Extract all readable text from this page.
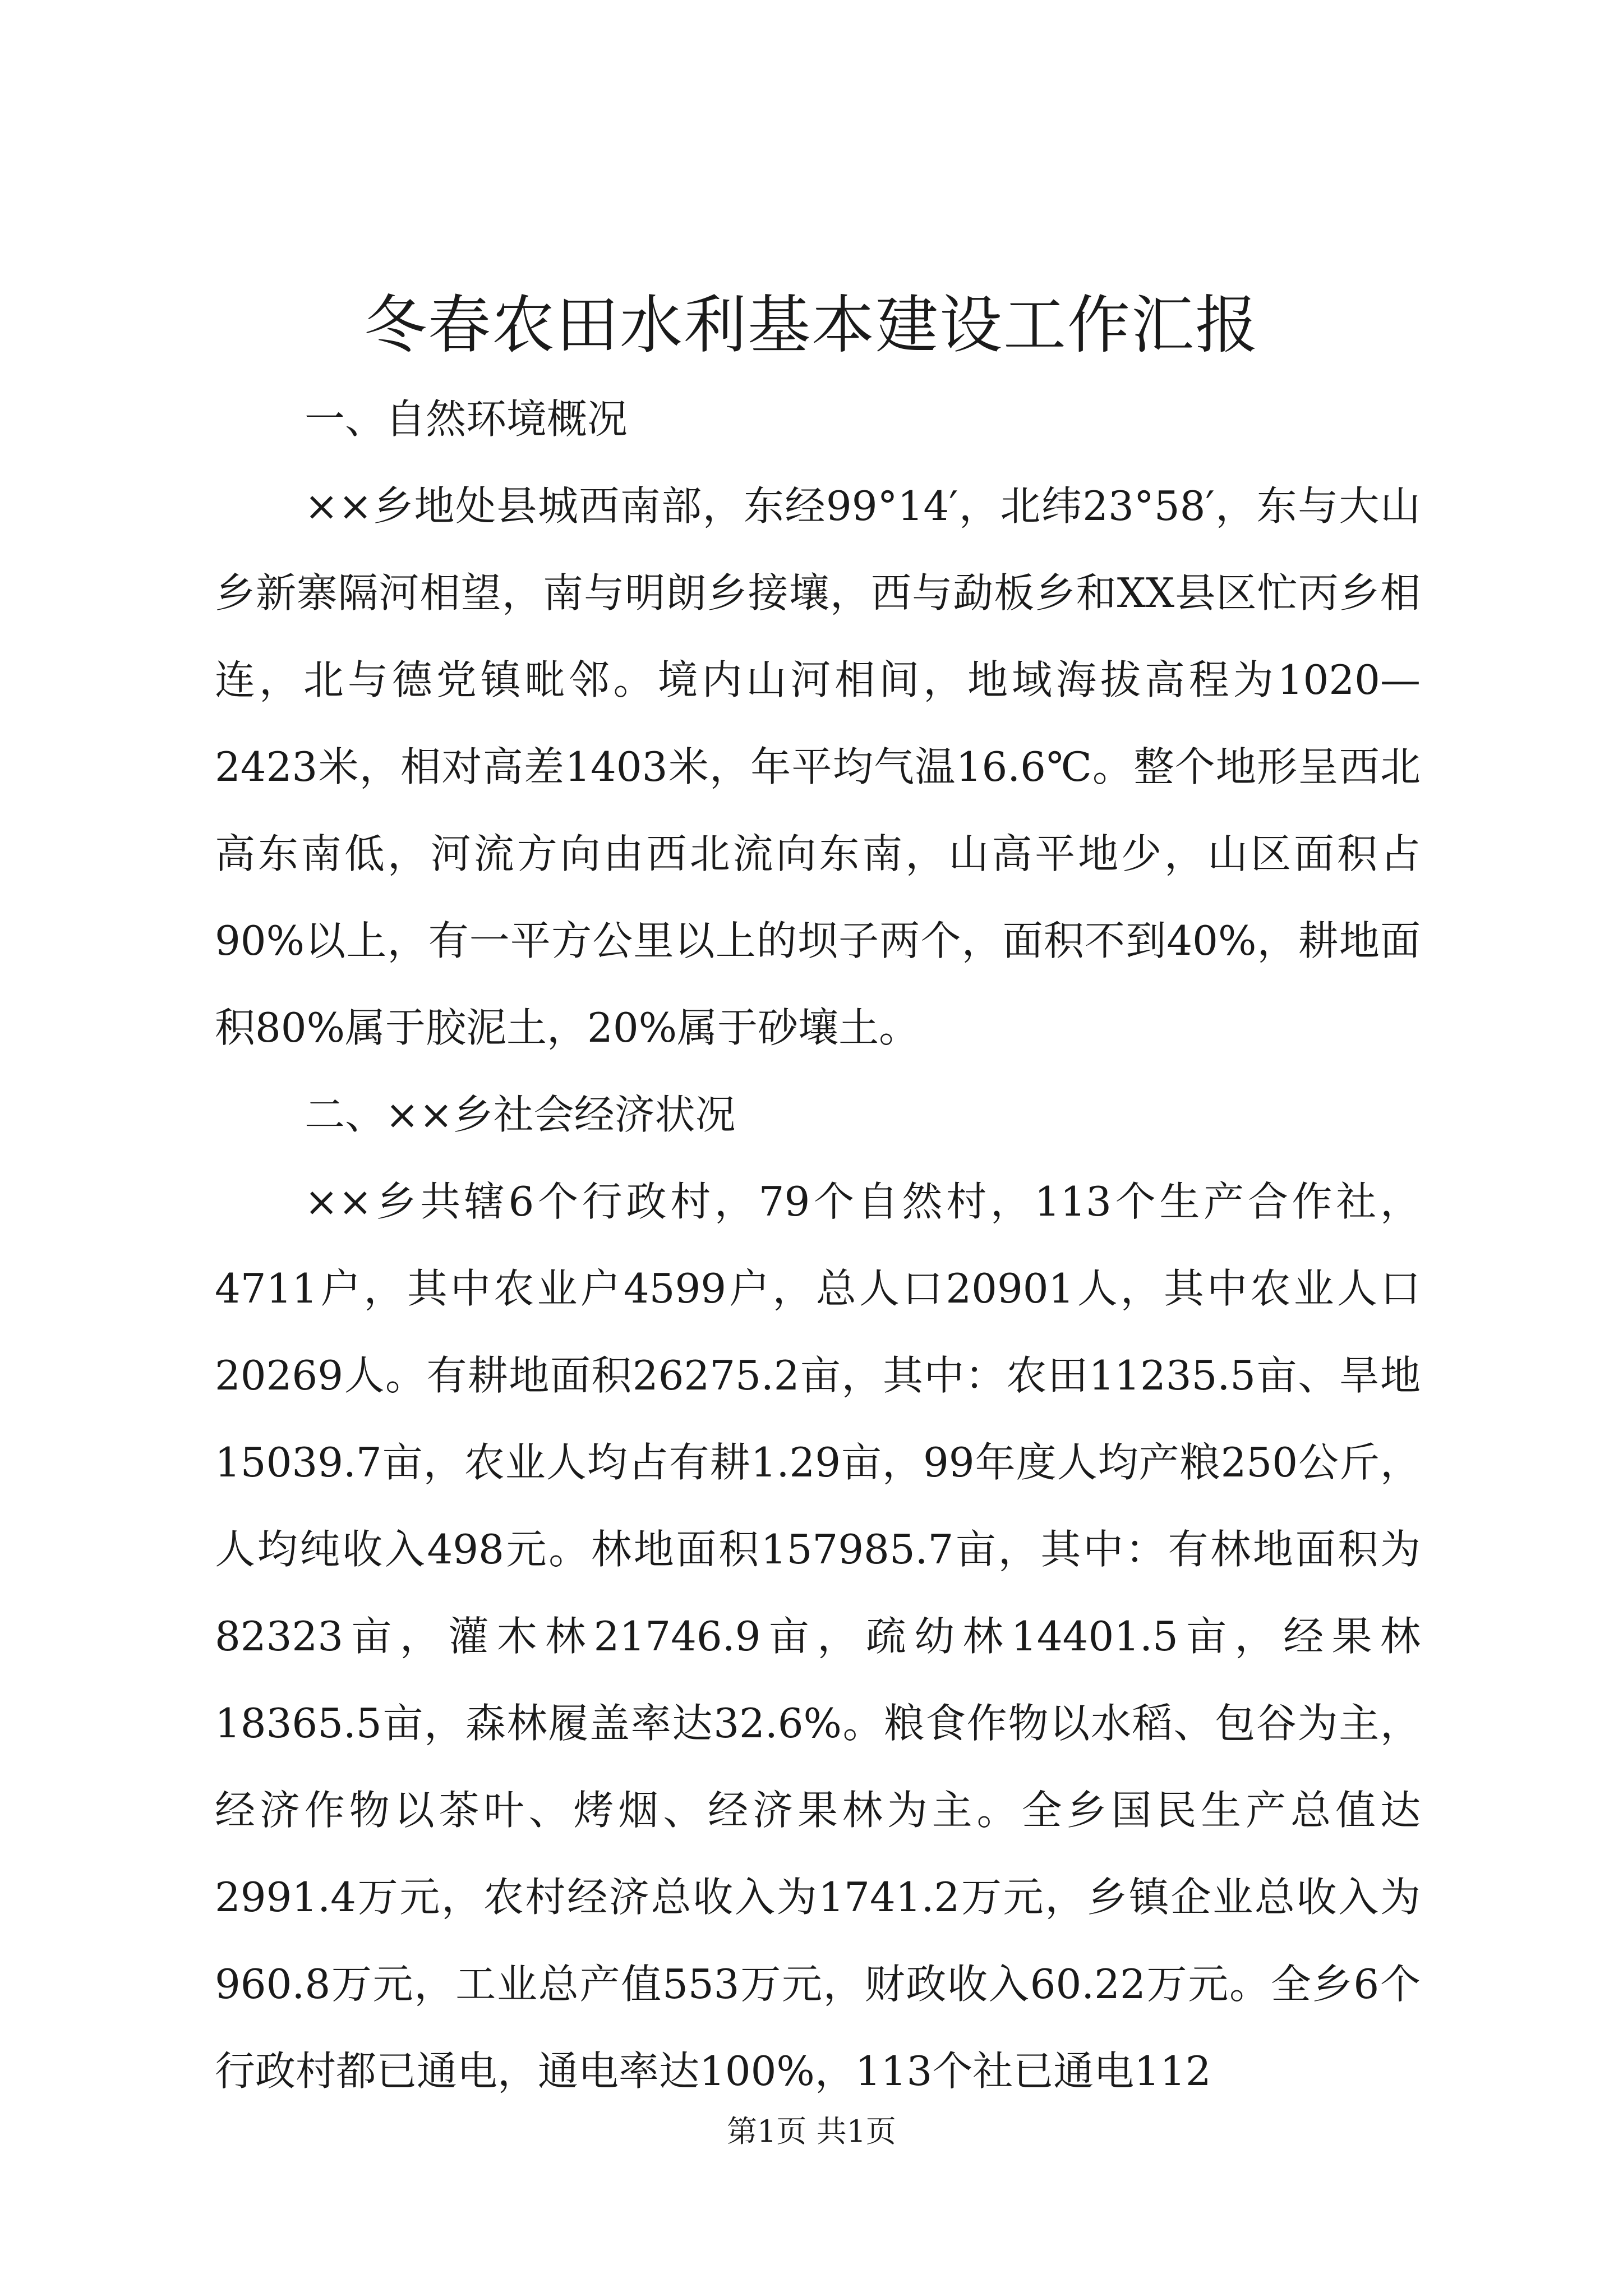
冬春农田水利基本建设工作汇报

一、自然环境概况

××乡地处县城西南部，东经99°14′，北纬23°58′，东与大山乡新寨隔河相望，南与明朗乡接壤，西与勐板乡和XX县区忙丙乡相连，北与德党镇毗邻。境内山河相间，地域海拔高程为1020—2423米，相对高差1403米，年平均气温16.6℃。整个地形呈西北高东南低，河流方向由西北流向东南，山高平地少，山区面积占90%以上，有一平方公里以上的坝子两个，面积不到40%，耕地面积80%属于胶泥土，20%属于砂壤土。

二、××乡社会经济状况

××乡共辖6个行政村，79个自然村，113个生产合作社，4711户，其中农业户4599户，总人口20901人，其中农业人口20269人。有耕地面积26275.2亩，其中：农田11235.5亩、旱地15039.7亩，农业人均占有耕1.29亩，99年度人均产粮250公斤，人均纯收入498元。林地面积157985.7亩，其中：有林地面积为82323亩，灌木林21746.9亩，疏幼林14401.5亩，经果林18365.5亩，森林履盖率达32.6%。粮食作物以水稻、包谷为主，经济作物以茶叶、烤烟、经济果林为主。全乡国民生产总值达2991.4万元，农村经济总收入为1741.2万元，乡镇企业总收入为960.8万元，工业总产值553万元，财政收入60.22万元。全乡6个行政村都已通电，通电率达100%，113个社已通电112

第1页 共1页
